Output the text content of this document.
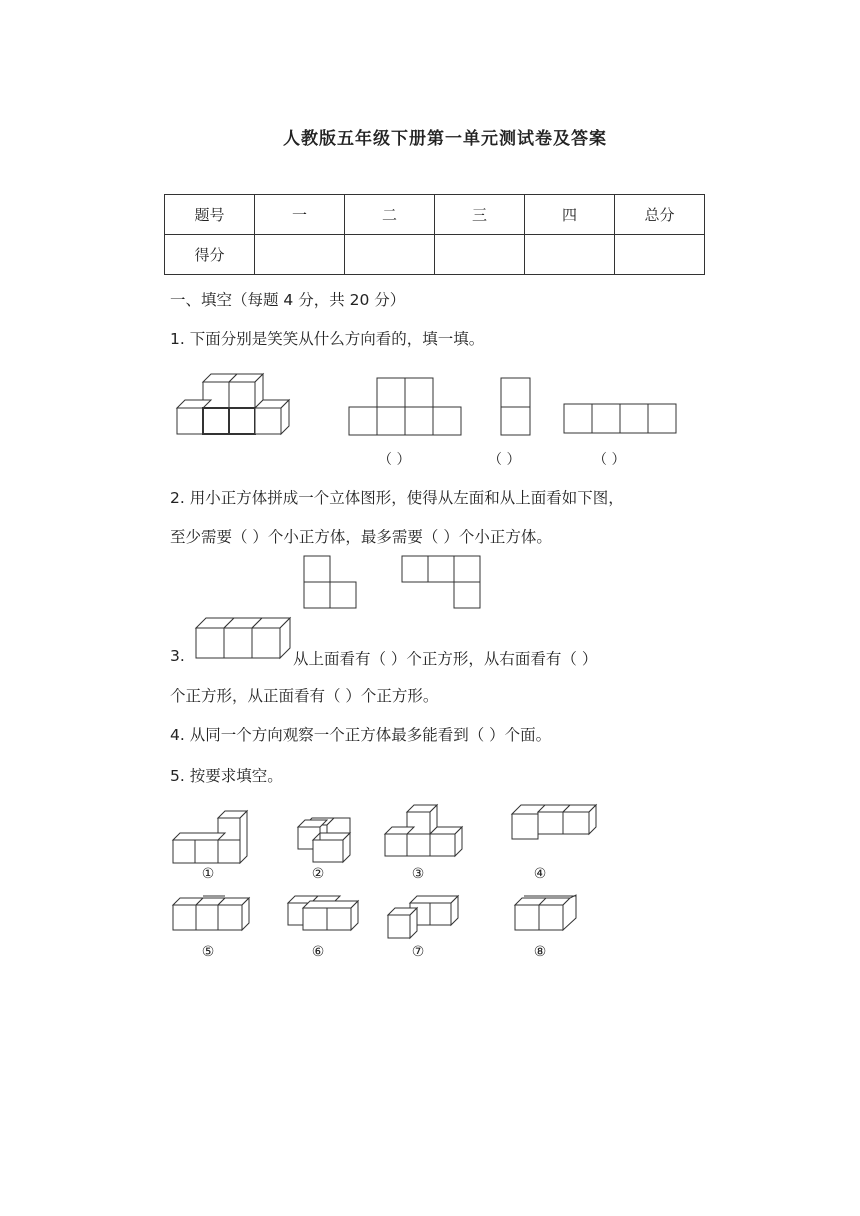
人教版五年级下册第一单元测试卷及答案
题号	一	二	三	四	总分
得分					
一、填空（每题 4 分，共 20 分）
1. 下面分别是笑笑从什么方向看的，填一填。
（ ）	（ ）	（ ）
2. 用小正方体拼成一个立体图形，使得从左面和从上面看如下图，
至少需要（ ）个小正方体，最多需要（ ）个小正方体。
3.	从上面看有（ ）个正方形，从右面看有（ ）
个正方形，从正面看有（ ）个正方形。
4. 从同一个方向观察一个正方体最多能看到（ ）个面。
5. 按要求填空。
①	②	③	④
⑤	⑥	⑦	⑧
